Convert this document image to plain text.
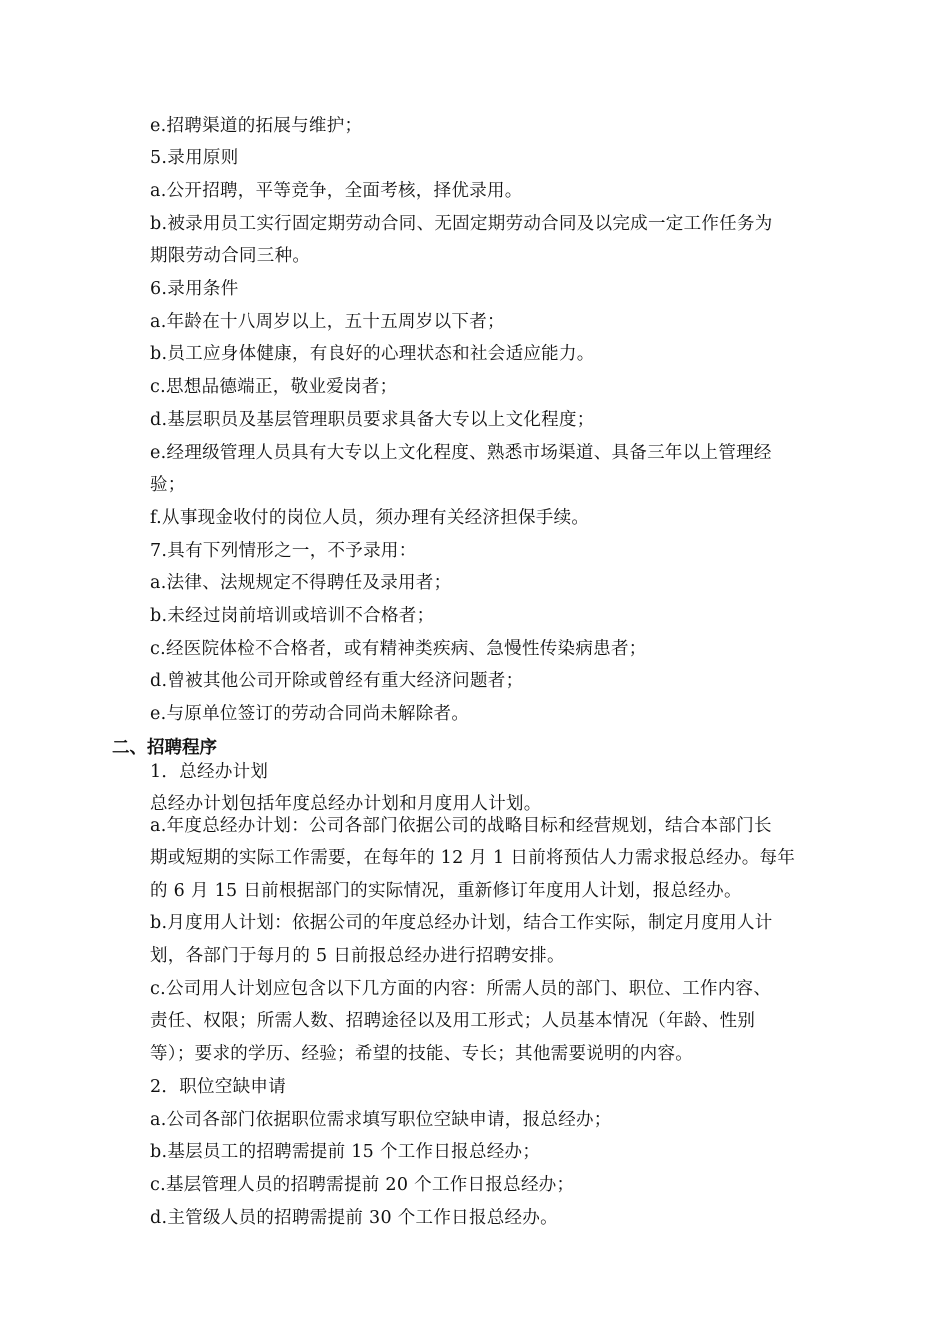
e.招聘渠道的拓展与维护；
5.录用原则
a.公开招聘，平等竞争，全面考核，择优录用。
b.被录用员工实行固定期劳动合同、无固定期劳动合同及以完成一定工作任务为
期限劳动合同三种。
6.录用条件
a.年龄在十八周岁以上，五十五周岁以下者；
b.员工应身体健康，有良好的心理状态和社会适应能力。
c.思想品德端正，敬业爱岗者；
d.基层职员及基层管理职员要求具备大专以上文化程度；
e.经理级管理人员具有大专以上文化程度、熟悉市场渠道、具备三年以上管理经
验；
f.从事现金收付的岗位人员，须办理有关经济担保手续。
7.具有下列情形之一，不予录用：
a.法律、法规规定不得聘任及录用者；
b.未经过岗前培训或培训不合格者；
c.经医院体检不合格者，或有精神类疾病、急慢性传染病患者；
d.曾被其他公司开除或曾经有重大经济问题者；
e.与原单位签订的劳动合同尚未解除者。
二、招聘程序
1．总经办计划
总经办计划包括年度总经办计划和月度用人计划。
a.年度总经办计划：公司各部门依据公司的战略目标和经营规划，结合本部门长
期或短期的实际工作需要，在每年的 12 月 1 日前将预估人力需求报总经办。每年
的 6 月 15 日前根据部门的实际情况，重新修订年度用人计划，报总经办。
b.月度用人计划：依据公司的年度总经办计划，结合工作实际，制定月度用人计
划，各部门于每月的 5 日前报总经办进行招聘安排。
c.公司用人计划应包含以下几方面的内容：所需人员的部门、职位、工作内容、
责任、权限；所需人数、招聘途径以及用工形式；人员基本情况（年龄、性别
等）；要求的学历、经验；希望的技能、专长；其他需要说明的内容。
2．职位空缺申请
a.公司各部门依据职位需求填写职位空缺申请，报总经办；
b.基层员工的招聘需提前 15 个工作日报总经办；
c.基层管理人员的招聘需提前 20 个工作日报总经办；
d.主管级人员的招聘需提前 30 个工作日报总经办。
